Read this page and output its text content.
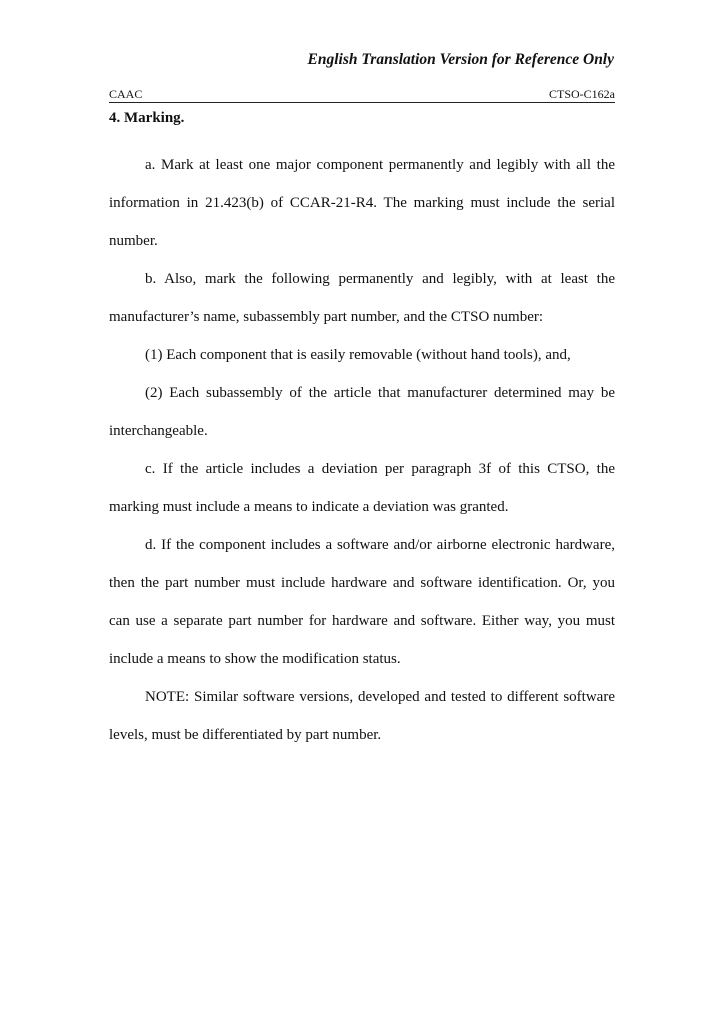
English Translation Version for Reference Only
CAAC	CTSO-C162a
4. Marking.

a. Mark at least one major component permanently and legibly with all the information in 21.423(b) of CCAR-21-R4. The marking must include the serial number.

b. Also, mark the following permanently and legibly, with at least the manufacturer’s name, subassembly part number, and the CTSO number:

(1) Each component that is easily removable (without hand tools), and,

(2) Each subassembly of the article that manufacturer determined may be interchangeable.

c. If the article includes a deviation per paragraph 3f of this CTSO, the marking must include a means to indicate a deviation was granted.

d. If the component includes a software and/or airborne electronic hardware, then the part number must include hardware and software identification. Or, you can use a separate part number for hardware and software. Either way, you must include a means to show the modification status.

NOTE: Similar software versions, developed and tested to different software levels, must be differentiated by part number.
